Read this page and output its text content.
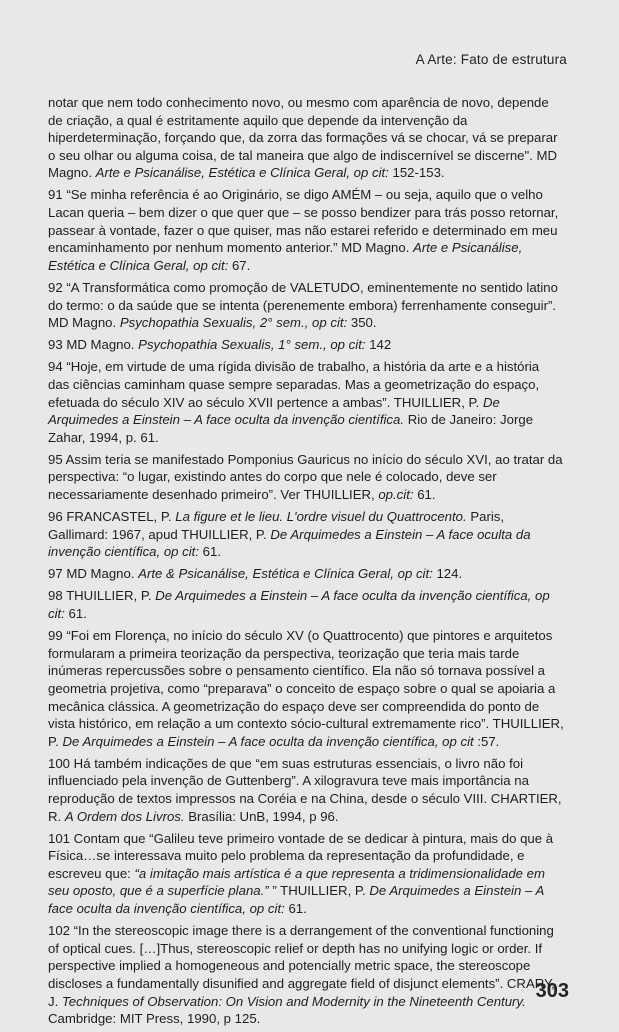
A Arte: Fato de estrutura

notar que nem todo conhecimento novo, ou mesmo com aparência de novo, depende de criação, a qual é estritamente aquilo que depende da intervenção da hiperdeterminação, forçando que, da zorra das formações vá se chocar, vá se preparar o seu olhar ou alguma coisa, de tal maneira que algo de indiscernível se discerne". MD Magno. Arte e Psicanálise, Estética e Clínica Geral, op cit: 152-153.

91 “Se minha referência é ao Originário, se digo AMÉM – ou seja, aquilo que o velho Lacan queria – bem dizer o que quer que – se posso bendizer para trás posso retornar, passear à vontade, fazer o que quiser, mas não estarei referido e determinado em meu encaminhamento por nenhum momento anterior.” MD Magno. Arte e Psicanálise, Estética e Clínica Geral, op cit: 67.

92 “A Transformática como promoção de VALETUDO, eminentemente no sentido latino do termo: o da saúde que se intenta (perenemente embora) ferrenhamente conseguir”. MD Magno. Psychopathia Sexualis, 2° sem., op cit: 350.

93 MD Magno. Psychopathia Sexualis, 1° sem., op cit: 142

94 “Hoje, em virtude de uma rígida divisão de trabalho, a história da arte e a história das ciências caminham quase sempre separadas. Mas a geometrização do espaço, efetuada do século XIV ao século XVII pertence a ambas”. THUILLIER, P. De Arquimedes a Einstein – A face oculta da invenção científica. Rio de Janeiro: Jorge Zahar, 1994, p. 61.

95 Assim teria se manifestado Pomponius Gauricus no início do século XVI, ao tratar da perspectiva: “o lugar, existindo antes do corpo que nele é colocado, deve ser necessariamente desenhado primeiro”. Ver THUILLIER, op.cit: 61.

96 FRANCASTEL, P. La figure et le lieu. L'ordre visuel du Quattrocento. Paris, Gallimard: 1967, apud THUILLIER, P. De Arquimedes a Einstein – A face oculta da invenção científica, op cit: 61.

97 MD Magno. Arte & Psicanálise, Estética e Clínica Geral, op cit: 124.

98 THUILLIER, P. De Arquimedes a Einstein – A face oculta da invenção científica, op cit: 61.

99 “Foi em Florença, no início do século XV (o Quattrocento) que pintores e arquitetos formularam a primeira teorização da perspectiva, teorização que teria mais tarde inúmeras repercussões sobre o pensamento científico. Ela não só tornava possível a geometria projetiva, como “preparava” o conceito de espaço sobre o qual se apoiaria a mecânica clássica. A geometrização do espaço deve ser compreendida do ponto de vista histórico, em relação a um contexto sócio-cultural extremamente rico”. THUILLIER, P. De Arquimedes a Einstein – A face oculta da invenção científica, op cit :57.

100 Há também indicações de que “em suas estruturas essenciais, o livro não foi influenciado pela invenção de Guttenberg”. A xilogravura teve mais importância na reprodução de textos impressos na Coréia e na China, desde o século VIII. CHARTIER, R. A Ordem dos Livros. Brasília: UnB, 1994, p 96.

101 Contam que “Galileu teve primeiro vontade de se dedicar à pintura, mais do que à Física…se interessava muito pelo problema da representação da profundidade, e escreveu que: “a imitação mais artística é a que representa a tridimensionalidade em seu oposto, que é a superfície plana.” ” THUILLIER, P. De Arquimedes a Einstein – A face oculta da invenção científica, op cit: 61.

102 “In the stereoscopic image there is a derrangement of the conventional functioning of optical cues. […]Thus, stereoscopic relief or depth has no unifying logic or order. If perspective implied a homogeneous and potencially metric space, the stereoscope discloses a fundamentally disunified and aggregate field of disjunct elements”. CRARY, J. Techniques of Observation: On Vision and Modernity in the Nineteenth Century. Cambridge: MIT Press, 1990, p 125.

303
